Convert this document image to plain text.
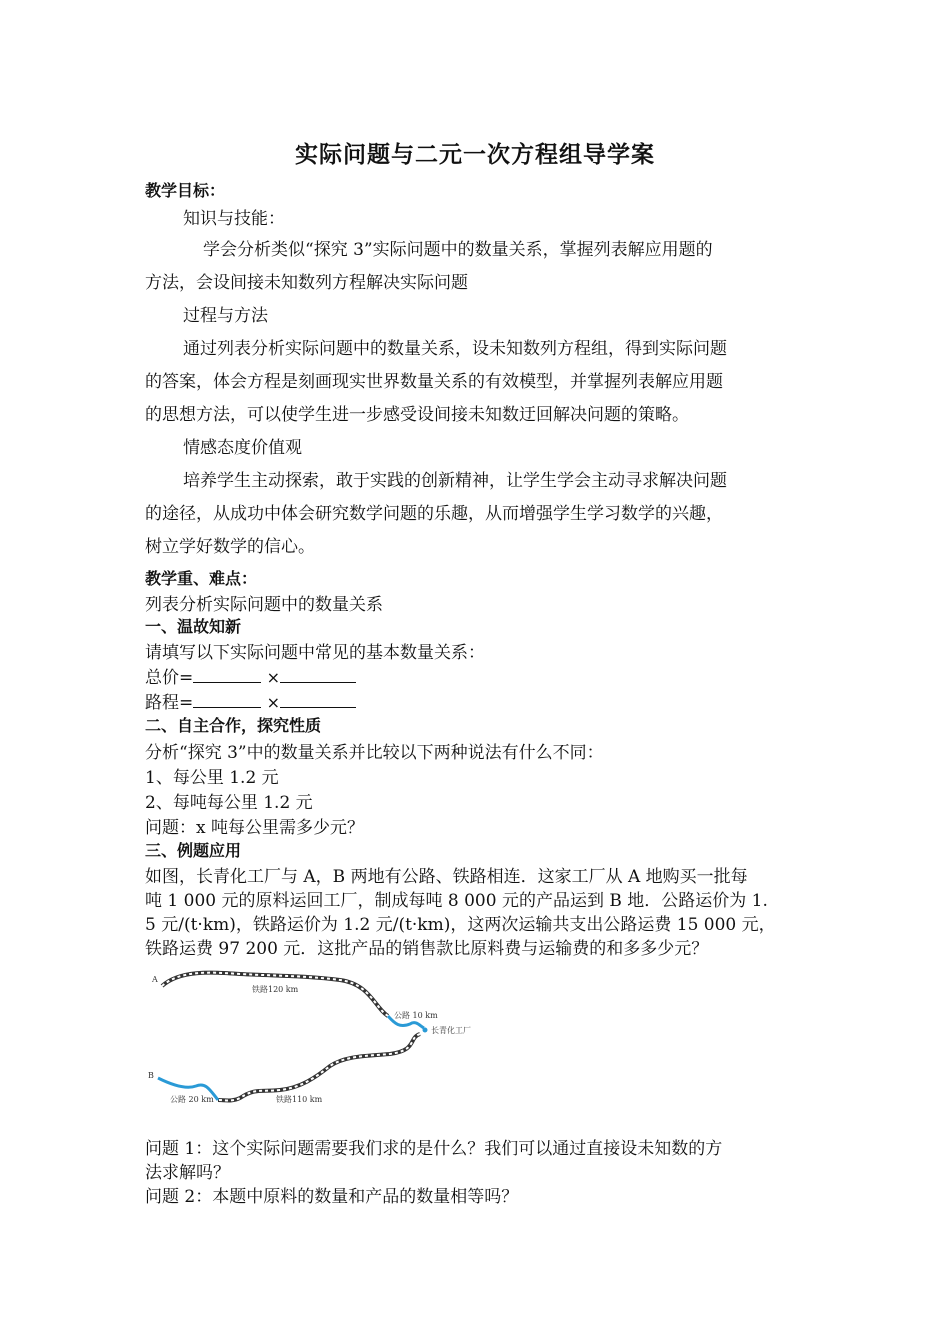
实际问题与二元一次方程组导学案
教学目标：
知识与技能：
学会分析类似“探究 3”实际问题中的数量关系，掌握列表解应用题的
方法，会设间接未知数列方程解决实际问题
过程与方法
通过列表分析实际问题中的数量关系，设未知数列方程组，得到实际问题
的答案，体会方程是刻画现实世界数量关系的有效模型，并掌握列表解应用题
的思想方法，可以使学生进一步感受设间接未知数迂回解决问题的策略。
情感态度价值观
培养学生主动探索，敢于实践的创新精神，让学生学会主动寻求解决问题
的途径，从成功中体会研究数学问题的乐趣，从而增强学生学习数学的兴趣，
树立学好数学的信心。
教学重、难点：
列表分析实际问题中的数量关系
一、温故知新
请填写以下实际问题中常见的基本数量关系：
总价=	×
路程=	×
二、自主合作，探究性质
分析“探究 3”中的数量关系并比较以下两种说法有什么不同：
1、每公里 1.2 元
2、每吨每公里 1.2 元
问题：x 吨每公里需多少元？
三、例题应用
如图，长青化工厂与 A，B 两地有公路、铁路相连．这家工厂从 A 地购买一批每
吨 1 000 元的原料运回工厂，制成每吨 8 000 元的产品运到 B 地．公路运价为 1.
5 元/(t·km)，铁路运价为 1.2 元/(t·km)，这两次运输共支出公路运费 15 000 元，
铁路运费 97 200 元．这批产品的销售款比原料费与运输费的和多多少元？
A
B
铁路120 km
公路 10 km
长青化工厂
公路 20 km	铁路110 km
问题 1：这个实际问题需要我们求的是什么？我们可以通过直接设未知数的方
法求解吗？
问题 2：本题中原料的数量和产品的数量相等吗？
